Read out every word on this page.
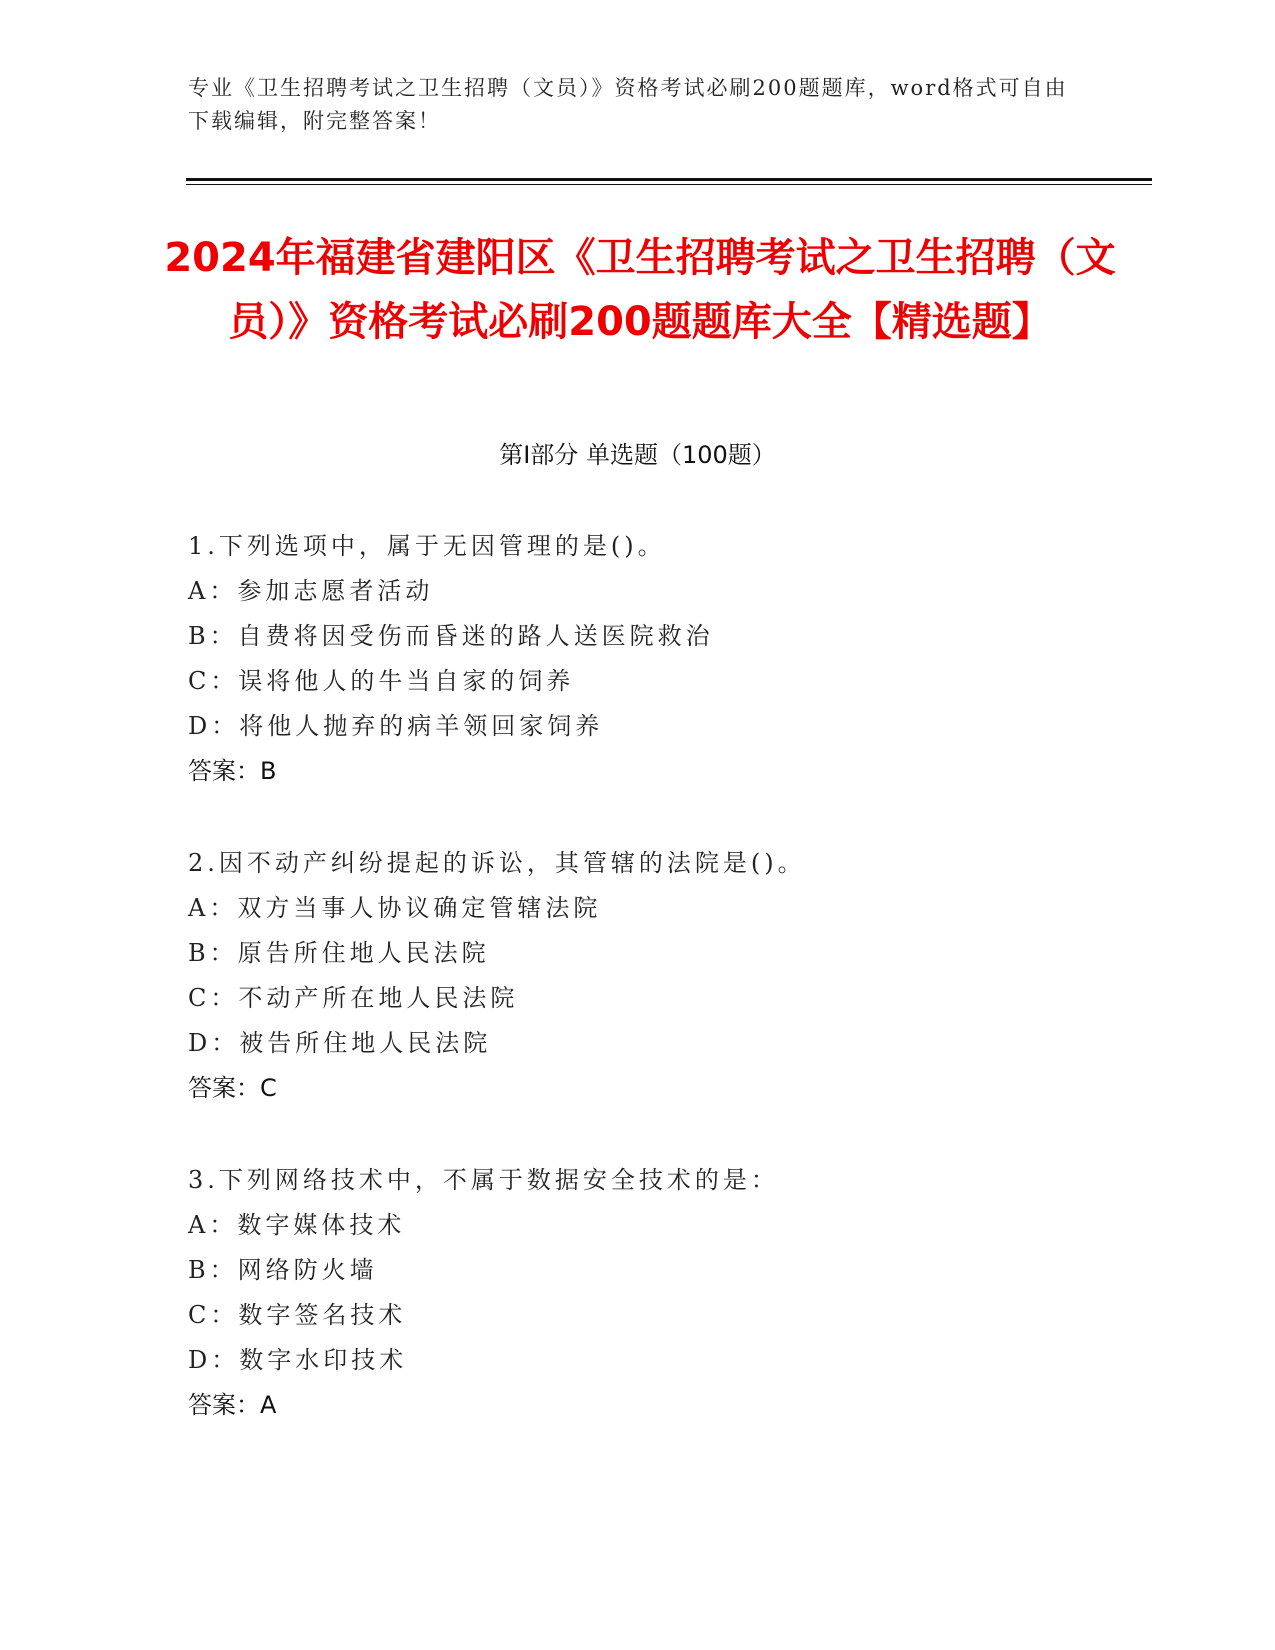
专业《卫生招聘考试之卫生招聘（文员）》资格考试必刷200题题库，word格式可自由下载编辑，附完整答案！
2024年福建省建阳区《卫生招聘考试之卫生招聘（文员）》资格考试必刷200题题库大全【精选题】
第I部分 单选题（100题）
1.下列选项中，属于无因管理的是()。
A：参加志愿者活动
B：自费将因受伤而昏迷的路人送医院救治
C：误将他人的牛当自家的饲养
D：将他人抛弃的病羊领回家饲养
答案：B
2.因不动产纠纷提起的诉讼，其管辖的法院是()。
A：双方当事人协议确定管辖法院
B：原告所住地人民法院
C：不动产所在地人民法院
D：被告所住地人民法院
答案：C
3.下列网络技术中，不属于数据安全技术的是：
A：数字媒体技术
B：网络防火墙
C：数字签名技术
D：数字水印技术
答案：A
